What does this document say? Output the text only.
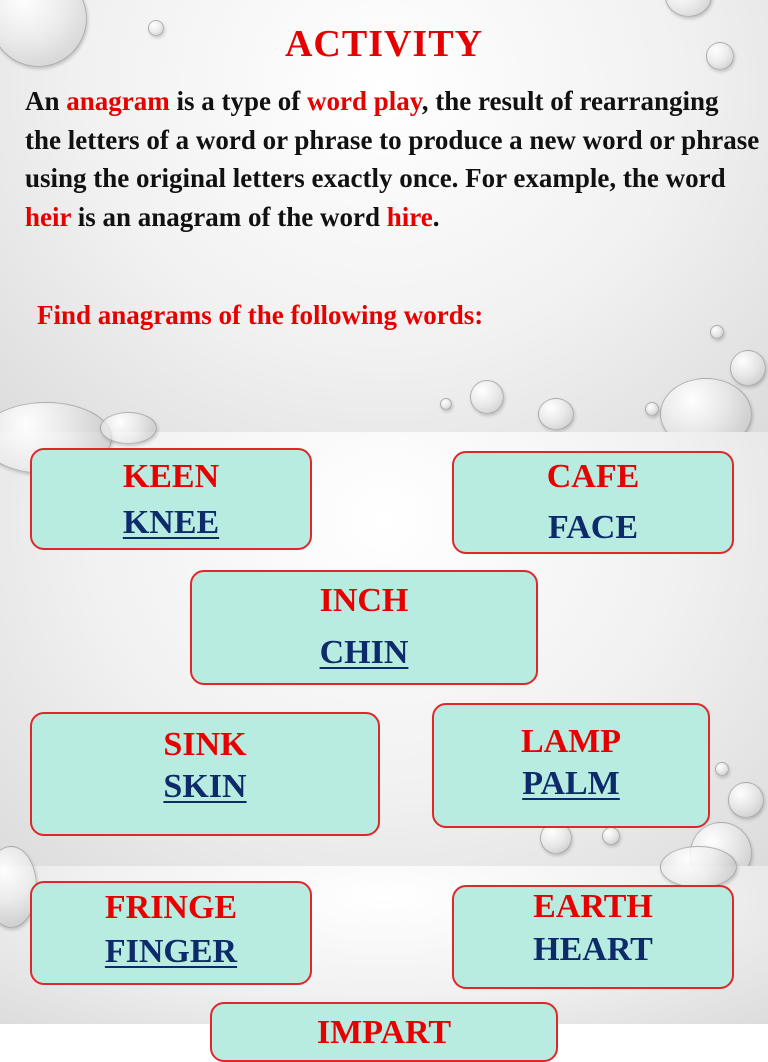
ACTIVITY
An anagram is a type of word play, the result of rearranging the letters of a word or phrase to produce a new word or phrase using the original letters exactly once. For example, the word heir is an anagram of the word hire.
Find anagrams of the following words:
KEEN
KNEE
CAFE
FACE
INCH
CHIN
SINK
SKIN
LAMP
PALM
FRINGE
FINGER
EARTH
HEART
IMPART
